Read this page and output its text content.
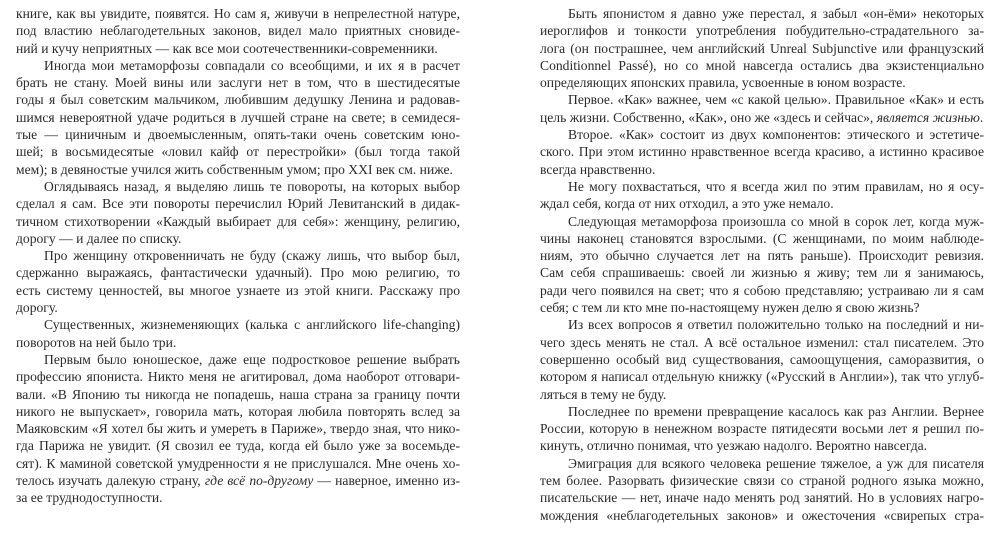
книге, как вы увидите, появятся. Но сам я, живучи в непрелестной натуре,
под властию неблагодетельных законов, видел мало приятных сновиде-
ний и кучу неприятных — как все мои соотечественники-современники.
Иногда мои метаморфозы совпадали со всеобщими, и их я в расчет
брать не стану. Моей вины или заслуги нет в том, что в шестидесятые
годы я был советским мальчиком, любившим дедушку Ленина и радовав-
шимся невероятной удаче родиться в лучшей стране на свете; в семидеся-
тые — циничным и двоемысленным, опять-таки очень советским юно-
шей; в восьмидесятые «ловил кайф от перестройки» (был тогда такой
мем); в девяностые учился жить собственным умом; про XXI век см. ниже.
Оглядываясь назад, я выделяю лишь те повороты, на которых выбор
сделал я сам. Все эти повороты перечислил Юрий Левитанский в дидак-
тичном стихотворении «Каждый выбирает для себя»: женщину, религию,
дорогу — и далее по списку.
Про женщину откровенничать не буду (скажу лишь, что выбор был,
сдержанно выражаясь, фантастически удачный). Про мою религию, то
есть систему ценностей, вы многое узнаете из этой книги. Расскажу про
дорогу.
Существенных, жизнеменяющих (калька с английского life-changing)
поворотов на ней было три.
Первым было юношеское, даже еще подростковое решение выбрать
профессию япониста. Никто меня не агитировал, дома наоборот отговари-
вали. «В Японию ты никогда не попадешь, наша страна за границу почти
никого не выпускает», говорила мать, которая любила повторять вслед за
Маяковским «Я хотел бы жить и умереть в Париже», твердо зная, что нико-
гда Парижа не увидит. (Я свозил ее туда, когда ей было уже за восемьде-
сят). К маминой советской умудренности я не прислушался. Мне очень хо-
телось изучать далекую страну, где всё по-другому — наверное, именно из-
за ее труднодоступности.
Быть японистом я давно уже перестал, я забыл «он-ёми» некоторых
иероглифов и тонкости употребления побудительно-страдательного за-
лога (он пострашнее, чем английский Unreal Subjunctive или французский
Conditionnel Passé), но со мной навсегда остались два экзистенциально
определяющих японских правила, усвоенные в юном возрасте.
Первое. «Как» важнее, чем «с какой целью». Правильное «Как» и есть
цель жизни. Собственно, «Как», оно же «здесь и сейчас», является жизнью.
Второе. «Как» состоит из двух компонентов: этического и эстетиче-
ского. При этом истинно нравственное всегда красиво, а истинно красивое
всегда нравственно.
Не могу похвастаться, что я всегда жил по этим правилам, но я осу-
ждал себя, когда от них отходил, а это уже немало.
Следующая метаморфоза произошла со мной в сорок лет, когда муж-
чины наконец становятся взрослыми. (С женщинами, по моим наблюде-
ниям, это обычно случается лет на пять раньше). Происходит ревизия.
Сам себя спрашиваешь: своей ли жизнью я живу; тем ли я занимаюсь,
ради чего появился на свет; что я собою представляю; устраиваю ли я сам
себя; с тем ли кто мне по-настоящему нужен делю я свою жизнь?
Из всех вопросов я ответил положительно только на последний и ни-
чего здесь менять не стал. А всё остальное изменил: стал писателем. Это
совершенно особый вид существования, самоощущения, саморазвития, о
котором я написал отдельную книжку («Русский в Англии»), так что углуб-
ляться в тему не буду.
Последнее по времени превращение касалось как раз Англии. Вернее
России, которую в ненежном возрасте пятидесяти восьми лет я решил по-
кинуть, отлично понимая, что уезжаю надолго. Вероятно навсегда.
Эмиграция для всякого человека решение тяжелое, а уж для писателя
тем более. Разорвать физические связи со страной родного языка можно,
писательские — нет, иначе надо менять род занятий. Но в условиях нагро-
мождения «неблагодетельных законов» и ожесточения «свирепых стра-
